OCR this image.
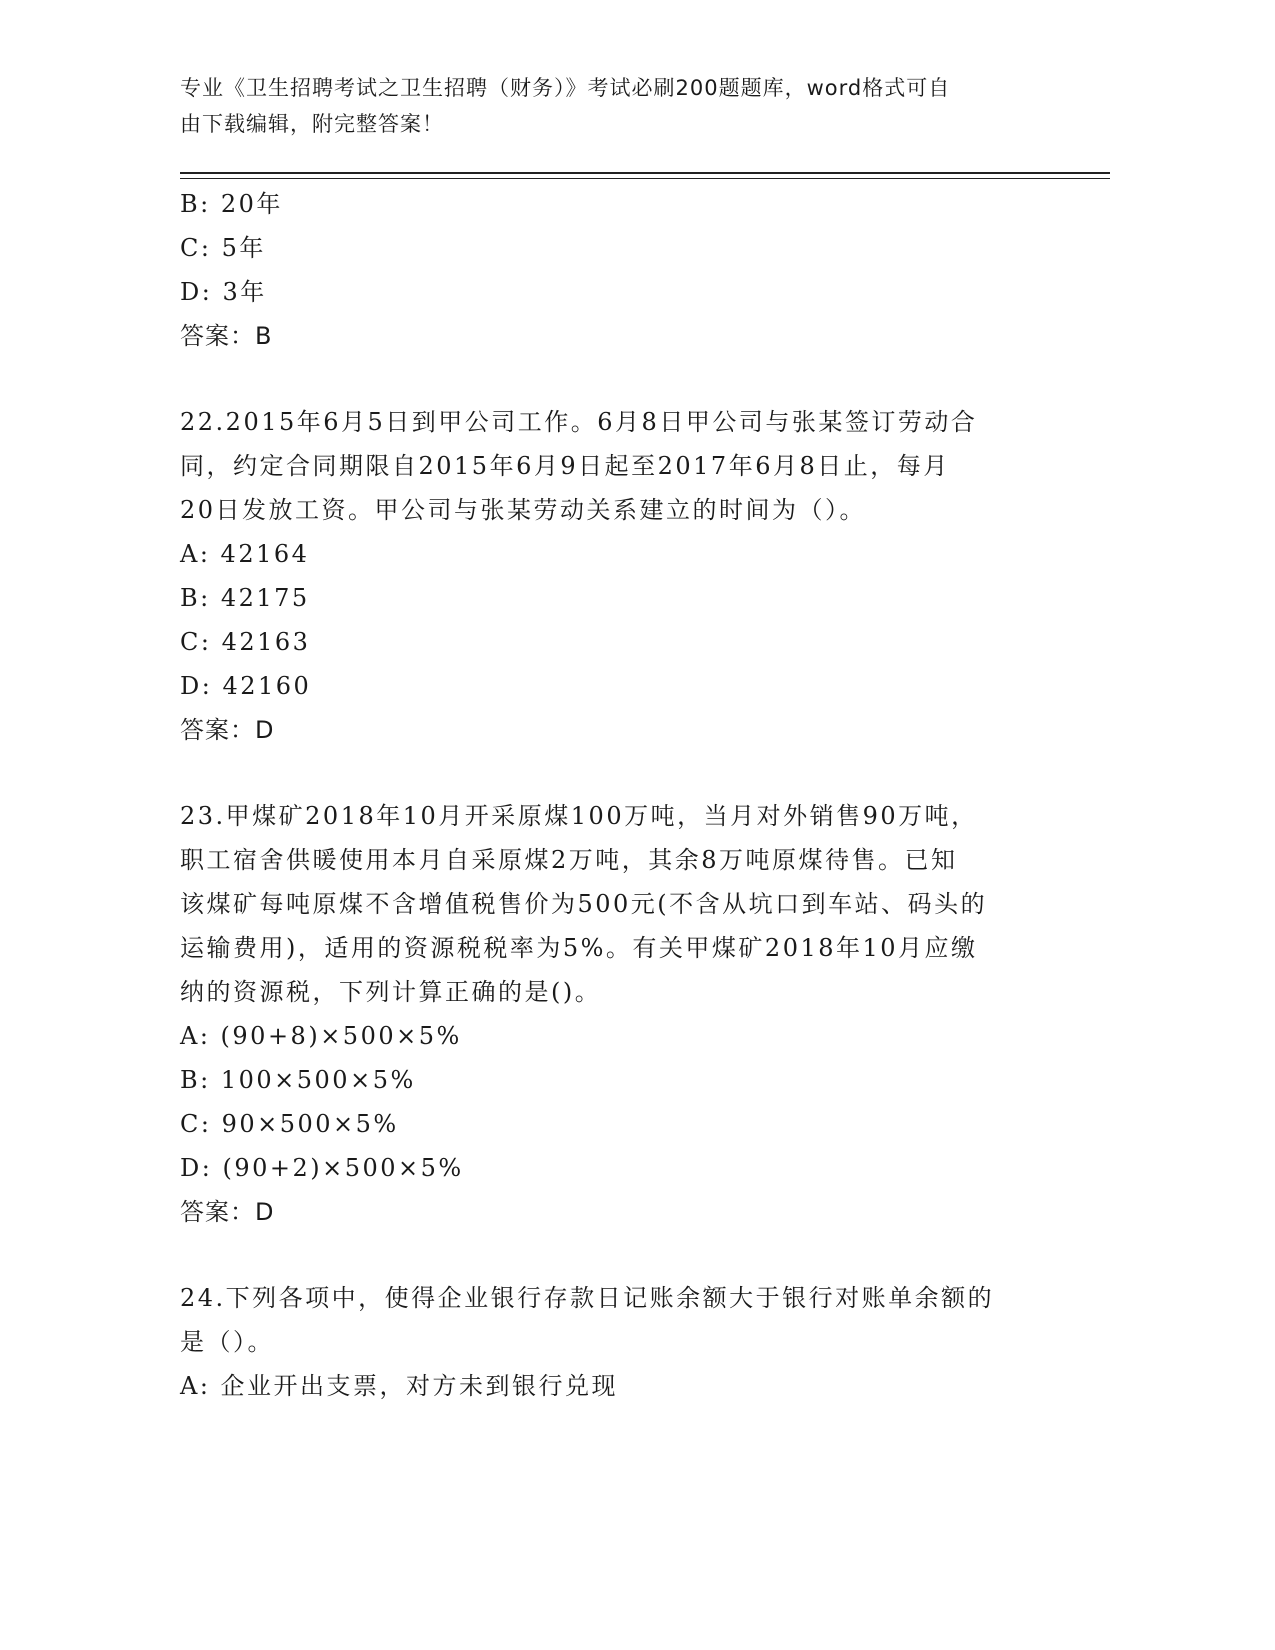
专业《卫生招聘考试之卫生招聘（财务）》考试必刷200题题库，word格式可自
由下载编辑，附完整答案！
B: 20年
C: 5年
D: 3年
答案：B
22.2015年6月5日到甲公司工作。6月8日甲公司与张某签订劳动合
同，约定合同期限自2015年6月9日起至2017年6月8日止，每月
20日发放工资。甲公司与张某劳动关系建立的时间为（）。
A: 42164
B: 42175
C: 42163
D: 42160
答案：D
23.甲煤矿2018年10月开采原煤100万吨，当月对外销售90万吨，
职工宿舍供暖使用本月自采原煤2万吨，其余8万吨原煤待售。已知
该煤矿每吨原煤不含增值税售价为500元(不含从坑口到车站、码头的
运输费用)，适用的资源税税率为5%。有关甲煤矿2018年10月应缴
纳的资源税，下列计算正确的是()。
A: (90+8)×500×5%
B: 100×500×5%
C: 90×500×5%
D: (90+2)×500×5%
答案：D
24.下列各项中，使得企业银行存款日记账余额大于银行对账单余额的
是（）。
A: 企业开出支票，对方未到银行兑现
